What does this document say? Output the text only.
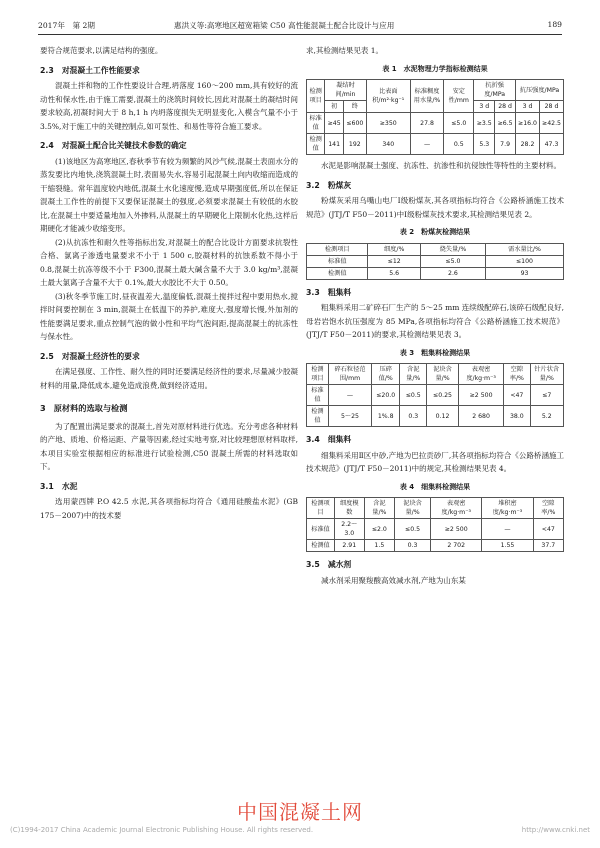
2017年　第 2期	惠洪义等:高寒地区超宽箱梁 C50 高性能混凝土配合比设计与应用	189

要符合规范要求,以满足结构的强度。

2.3 对混凝土工作性能要求

混凝土拌和物的工作性要设计合理,坍落度 160～200 mm,具有较好的流动性和保水性,由于施工需要,混凝土的浇筑时间较长,因此对混凝土的凝结时间要求较高,初凝时间大于 8 h,1 h 内坍落度损失无明显变化,入模含气量不小于 3.5%,对于施工中的关键控制点,如可泵性、和易性等符合施工要求。

2.4 对混凝土配合比关键技术参数的确定

(1)该地区为高寒地区,春秋季节有较为频繁的风沙气候,混凝土表面水分的蒸发要比内地快,浇筑混凝土时,表面易失水,容易引起混凝土向内收缩而造成的干缩裂缝。常年温度较内地低,混凝土水化速度慢,造成早期强度低,所以在保证混凝土工作性的前提下又要保证混凝土的强度,必须要求混凝土有较低的水胶比,在混凝土中要适量地加入外掺料,从混凝土的早期硬化上限制水化热,这样后期硬化才能减少收缩变形。

(2)从抗冻性和耐久性等指标出发,对混凝土的配合比设计方面要求抗裂性合格、氯离子渗透电量要求不小于 1 500 c,胶凝材料的抗蚀系数不得小于 0.8,混凝土抗冻等级不小于 F300,混凝土最大碱含量不大于 3.0 kg/m³,混凝土最大氯离子含量不大于 0.1%,最大水胶比不大于 0.50。

(3)秋冬季节施工时,昼夜温差大,温度偏低,混凝土搅拌过程中要用热水,搅拌时间要控制在 3 min,混凝土在低温下的养护,难度大,强度增长慢,外加剂的性能要满足要求,重点控制气泡的做小性和平均气泡间距,提高混凝土的抗冻性与保水性。

2.5 对混凝土经济性的要求

在满足强度、工作性、耐久性的同时还要满足经济性的要求,尽量减少胶凝材料的用量,降低成本,避免造成浪费,做到经济适用。

3 原材料的选取与检测

为了配置出满足要求的混凝土,首先对原材料进行优选。充分考虑各种材料的产地、质地、价格运距、产量等因素,经过实地考察,对比较理想原材料取样,本项目实验室根据相应的标准进行试验检测,C50 混凝土所需的材料选取如下。

3.1 水泥

选用蒙西牌 P.O 42.5 水泥,其各项指标均符合《通用硅酸盐水泥》(GB 175－2007)中的技术要

求,其检测结果见表 1。

表 1　水泥物理力学指标检测结果
检测项目	凝结时间/min		比表面积/m²·kg⁻¹	标准稠度用水量/%	安定性/mm	抗折强度/MPa		抗压强度/MPa	
	初	终				3 d	28 d	3 d	28 d
标准值	≥45	≤600	≥350	27.8	≤5.0	≥3.5	≥6.5	≥16.0	≥42.5
检测值	141	192	340	—	0.5	5.3	7.9	28.2	47.3

水泥是影响混凝土强度、抗冻性、抗渗性和抗侵蚀性等特性的主要材料。

3.2 粉煤灰

粉煤灰采用乌嘴山电厂Ⅰ级粉煤灰,其各项指标均符合《公路桥涵施工技术规范》(JTJ/T F50－2011)中Ⅰ级粉煤灰技术要求,其检测结果见表 2。

表 2　粉煤灰检测结果
检测项目	细度/%	烧失量/%	需水量比/%
标准值	≤12	≤5.0	≤100
检测值	5.6	2.6	93
3.3 粗集料

粗集料采用二矿碎石厂生产的 5～25 mm 连续级配碎石,该碎石级配良好,母岩岩饱水抗压强度为 85 MPa,各项指标均符合《公路桥涵施工技术规范》(JTJ/T F50－2011)的要求,其检测结果见表 3。

表 3　粗集料检测结果
检测项目	碎石粒径范围/mm	压碎值/%	含泥量/%	泥块含量/%	表观密度/kg·m⁻³	空隙率/%	针片状含量/%
标准值	—	≤20.0	≤0.5	≤0.25	≥2 500	<47	≤7
检测值	5～25	1%.8	0.3	0.12	2 680	38.0	5.2
3.4 细集料

细集料采用Ⅱ区中砂,产地为巴拉贡砂厂,其各项指标均符合《公路桥涵施工技术规范》(JTJ/T F50－2011)中的规定,其检测结果见表 4。

表 4　细集料检测结果
检测项目	细度模数	含泥量/%	泥块含量/%	表观密度/kg·m⁻³	堆积密度/kg·m⁻³	空隙率/%
标准值	2.2～3.0	≤2.0	≤0.5	≥2 500	—	<47
检测值	2.91	1.5	0.3	2 702	1.55	37.7
3.5 减水剂

减水剂采用聚羧酸高效减水剂,产地为山东某

中国混凝土网
(C)1994-2017 China Academic Journal Electronic Publishing House. All rights reserved.	http://www.cnki.net
